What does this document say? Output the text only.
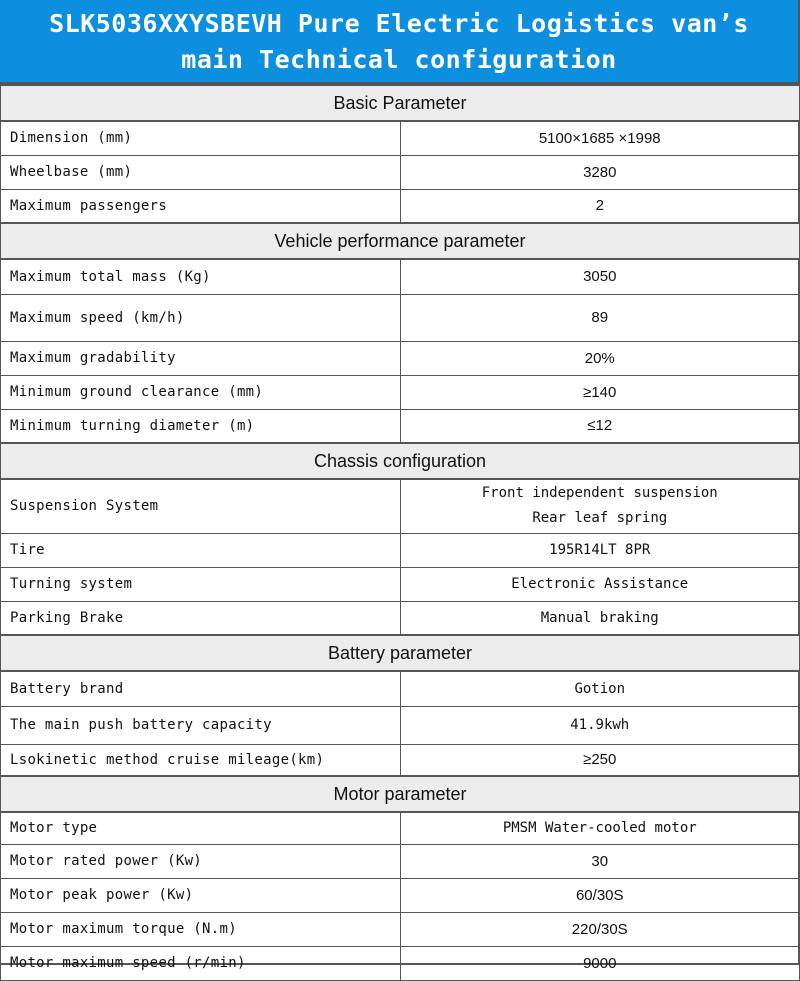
SLK5036XXYSBEVH Pure Electric Logistics van’s
main Technical configuration
Basic Parameter	
Dimension (mm)	5100×1685 ×1998
Wheelbase (mm)	3280
Maximum passengers	2
Vehicle performance parameter	
Maximum total mass (Kg)	3050
Maximum speed (km/h)	89
Maximum gradability	20%
Minimum ground clearance (mm)	≥140
Minimum turning diameter (m)	≤12
Chassis configuration	
Suspension System	Front independent suspension
Rear leaf spring

Tire	195R14LT 8PR
Turning system	Electronic Assistance
Parking Brake	Manual braking
Battery parameter	
Battery brand	Gotion
The main push battery capacity	41.9kwh
Lsokinetic method cruise mileage(km)	≥250
Motor parameter	
Motor type	PMSM Water-cooled motor
Motor rated power (Kw)	30
Motor peak power (Kw)	60/30S
Motor maximum torque (N.m)	220/30S
Motor maximum speed (r/min)	9000
